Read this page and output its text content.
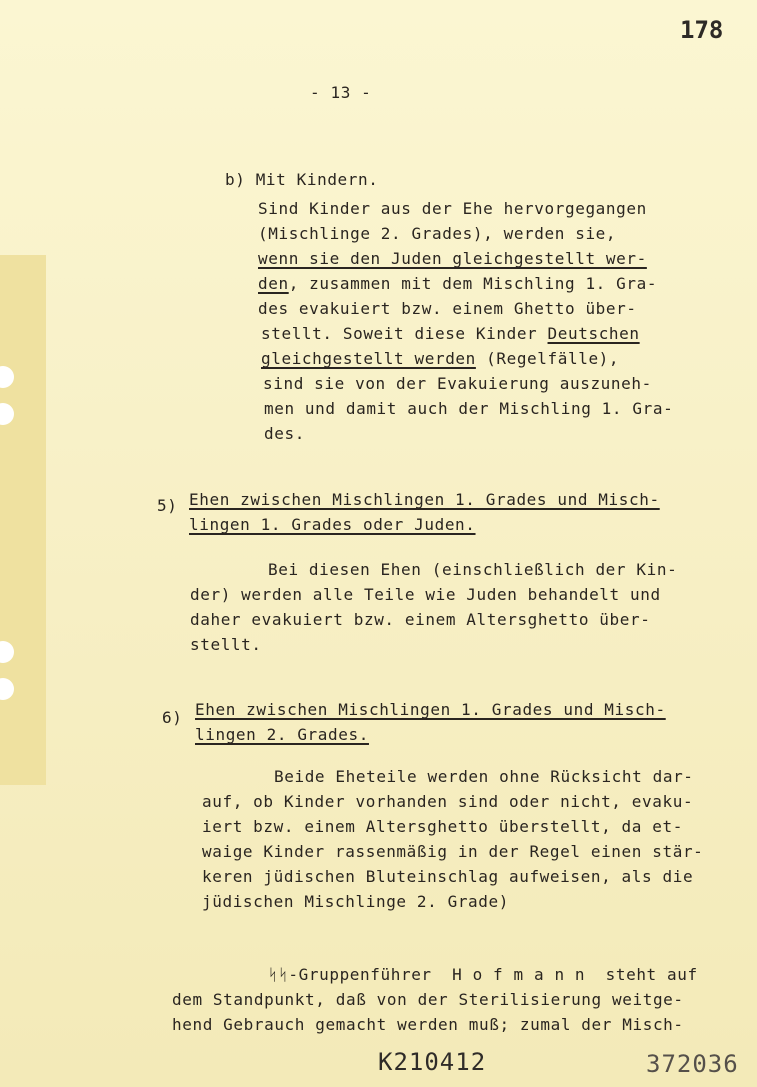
178
- 13 -
b) Mit Kindern.
Sind Kinder aus der Ehe hervorgegangen
(Mischlinge 2. Grades), werden sie,
wenn sie den Juden gleichgestellt wer-
den, zusammen mit dem Mischling 1. Gra-
des evakuiert bzw. einem Ghetto über-
stellt. Soweit diese Kinder Deutschen
gleichgestellt werden (Regelfälle),
sind sie von der Evakuierung auszuneh-
men und damit auch der Mischling 1. Gra-
des.
5) Ehen zwischen Mischlingen 1. Grades und Misch-
lingen 1. Grades oder Juden.
Bei diesen Ehen (einschließlich der Kin-
der) werden alle Teile wie Juden behandelt und
daher evakuiert bzw. einem Altersghetto über-
stellt.
6) Ehen zwischen Mischlingen 1. Grades und Misch-
lingen 2. Grades.
Beide Eheteile werden ohne Rücksicht dar-
auf, ob Kinder vorhanden sind oder nicht, evaku-
iert bzw. einem Altersghetto überstellt, da et-
waige Kinder rassenmäßig in der Regel einen stär-
keren jüdischen Bluteinschlag aufweisen, als die
jüdischen Mischlinge 2. Grade)
ᛋᛋ-Gruppenführer  H o f m a n n  steht auf
dem Standpunkt, daß von der Sterilisierung weitge-
hend Gebrauch gemacht werden muß; zumal der Misch-
K210412	372036
